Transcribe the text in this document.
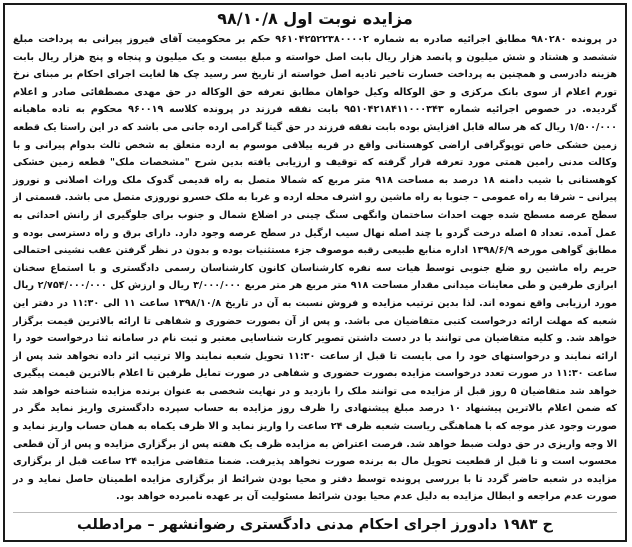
مزایده نوبت اول ۹۸/۱۰/۸

در پرونده ۹۸۰۲۸۰ مطابق اجرائیه صادره به شماره ۹۶۱۰۴۲۵۲۲۳۸۰۰۰۰۲ حکم بر محکومیت آقای فیروز پیرانی به پرداخت مبلغ ششصد و هشتاد و شش میلیون و پانصد هزار ریال بابت اصل خواسته و مبلغ بیست و یک میلیون و پنجاه و پنج هزار ریال بابت هزینه دادرسی و همچنین به پرداخت خسارت تاخیر تادیه اصل خواسته از تاریخ سر رسید چک ها لغایت اجرای احکام بر مبنای نرخ تورم اعلام از سوی بانک مرکزی و حق الوکاله وکیل خواهان مطابق تعرفه حق الوکاله در حق مهدی مصطفائی صادر و اعلام گردیده. در خصوص اجرائیه شماره ۹۵۱۰۴۲۱۸۴۱۱۰۰۰۳۴۳ بابت نفقه فرزند در پرونده کلاسه ۹۶۰۰۱۹ محکوم به تاده ماهیانه ۱/۵۰۰/۰۰۰ ریال که هر ساله قابل افزایش بوده بابت نفقه فرزند در حق گیتا گرامی ارده جانی می باشد که در این راستا یک قطعه زمین خشکی خاص توپوگرافی اراضی کوهستانی واقع در قریه ییلاقی موسوم به ارده متعلق به شخص ثالث بدوام پیرانی و با وکالت مدنی رامین همتی مورد تعرفه قرار گرفته که توقیف و ارزیابی یافته بدین شرح "مشخصات ملک" قطعه زمین خشکی کوهستانی با شیب دامنه ۱۸ درصد به مساحت ۹۱۸ متر مربع که شمالا متصل به راه قدیمی گدوک ملک وراث اصلانی و نوروز پیرانی – شرقا به راه عمومی – جنوبا به راه ماشین رو اشرف محله ارده و غربا به ملک خسرو نوروزی متصل می باشد. قسمتی از سطح عرصه مسطح شده جهت احداث ساختمان وانگهی سنگ چینی در اضلاع شمال و جنوب برای جلوگیری از رانش احداثی به عمل آمده. تعداد ۵ اصله درخت گردو با چند اصله نهال سیب ارگیل در سطح عرصه وجود دارد. دارای برق و راه دسترسی بوده و مطابق گواهی مورخه ۱۳۹۸/۶/۹ اداره منابع طبیعی رقبه موصوف جزء مستثنیات بوده و بدون در نظر گرفتن عقب نشینی احتمالی حریم راه ماشین رو ضلع جنوبی توسط هیات سه نفره کارشناسان کانون کارشناسان رسمی دادگستری و با استماع سخنان ابرازی طرفین و طی معاینات میدانی مقدار مساحت ۹۱۸ متر مربع هر متر مربع ۳/۰۰۰/۰۰۰ ریال و ارزش کل ۲/۷۵۴/۰۰۰/۰۰۰ ریال مورد ارزیابی واقع نموده اند. لذا بدین ترتیب مزایده و فروش نسبت به آن در تاریخ ۱۳۹۸/۱۰/۸ ساعت ۱۱ الی ۱۱:۳۰ در دفتر این شعبه که مهلت ارائه درخواست کتبی متقاضیان می باشد. و پس از آن بصورت حضوری و شفاهی تا ارائه بالاترین قیمت برگزار خواهد شد. و کلیه متقاضیان می توانند با در دست داشتن تصویر کارت شناسایی معتبر و ثبت نام در سامانه ثنا درخواست خود را ارائه نمایند و درخواستهای خود را می بایست تا قبل از ساعت ۱۱:۳۰ تحویل شعبه نمایند والا ترتیب اثر داده نخواهد شد پس از ساعت ۱۱:۳۰ در صورت تعدد درخواست مزایده بصورت حضوری و شفاهی در صورت تمایل طرفین تا اعلام بالاترین قیمت پیگیری خواهد شد متقاضیان ۵ روز قبل از مزایده می توانند ملک را بازدید و در نهایت شخصی به عنوان برنده مزایده شناخته خواهد شد که ضمن اعلام بالاترین پیشنهاد ۱۰ درصد مبلغ پیشنهادی را ظرف روز مزایده به حساب سپرده دادگستری واریز نماید مگر در صورت وجود عذر موجه که با هماهنگی ریاست شعبه ظرف ۲۴ ساعت را واریز نماید و الا ظرف یکماه به همان حساب واریز نماید و الا وجه واریزی در حق دولت ضبط خواهد شد. فرصت اعتراض به مزایده ظرف یک هفته پس از برگزاری مزایده و پس از آن قطعی محسوب است و تا قبل از قطعیت تحویل مال به برنده صورت نخواهد پذیرفت. ضمنا متقاضی مزایده ۲۴ ساعت قبل از برگزاری مزایده در شعبه حاضر گردد تا با بررسی پرونده توسط دفتر و محیا بودن شرائط از برگزاری مزایده اطمینان حاصل نماید و در صورت عدم مراجعه و ابطال مزایده به دلیل عدم محیا بودن شرائط مسئولیت آن بر عهده نامبرده خواهد بود.

ح ۱۹۸۳ دادورز اجرای احکام مدنی دادگستری رضوانشهر – مرادطلب
